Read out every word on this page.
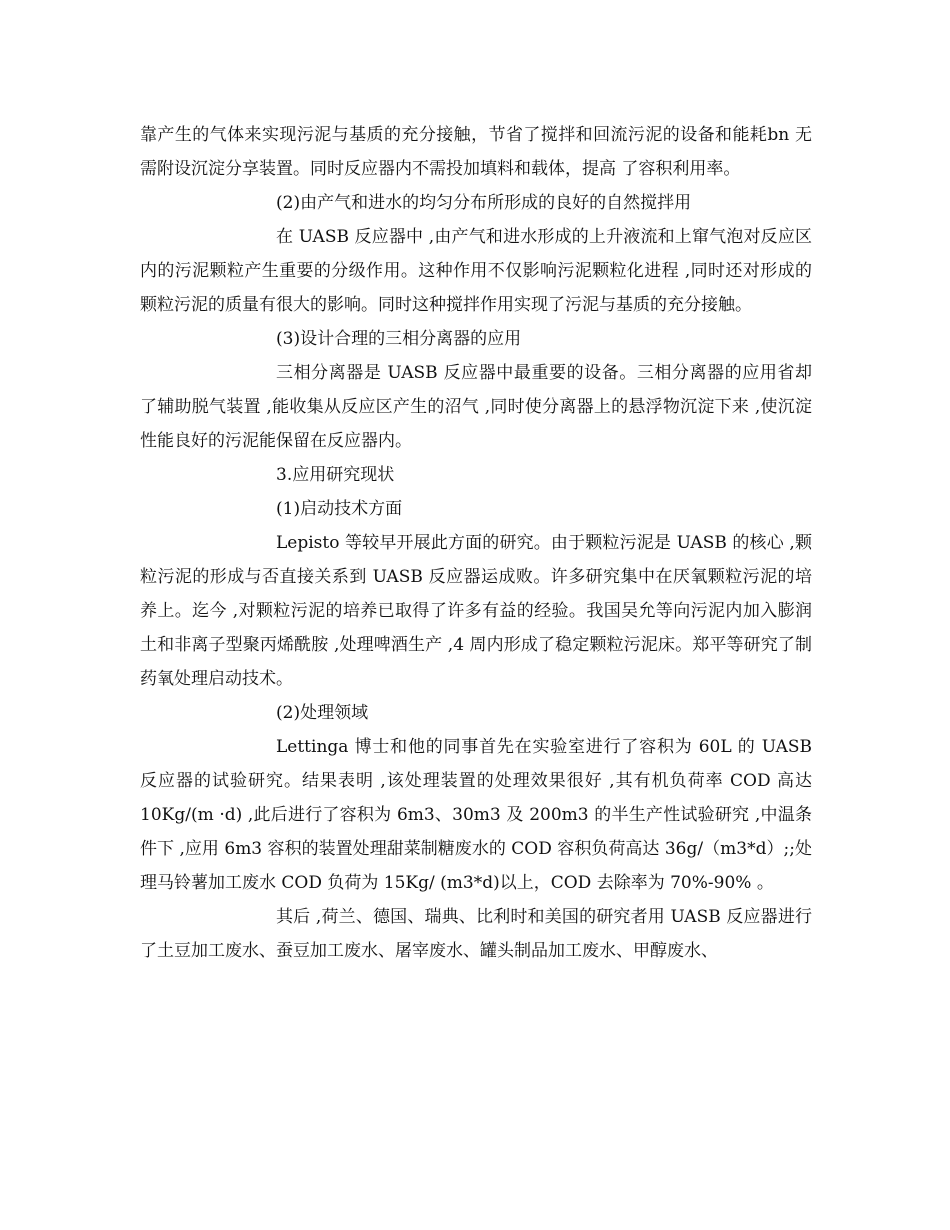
靠产生的气体来实现污泥与基质的充分接触，节省了搅拌和回流污泥的设备和能耗bn 无需附设沉淀分享装置。同时反应器内不需投加填料和载体，提高 了容积利用率。

(2)由产气和进水的均匀分布所形成的良好的自然搅拌用

在 UASB 反应器中 ,由产气和进水形成的上升液流和上窜气泡对反应区内的污泥颗粒产生重要的分级作用。这种作用不仅影响污泥颗粒化进程 ,同时还对形成的颗粒污泥的质量有很大的影响。同时这种搅拌作用实现了污泥与基质的充分接触。

(3)设计合理的三相分离器的应用

三相分离器是 UASB 反应器中最重要的设备。三相分离器的应用省却了辅助脱气装置 ,能收集从反应区产生的沼气 ,同时使分离器上的悬浮物沉淀下来 ,使沉淀性能良好的污泥能保留在反应器内。

3.应用研究现状

(1)启动技术方面

Lepisto 等较早开展此方面的研究。由于颗粒污泥是 UASB 的核心 ,颗粒污泥的形成与否直接关系到 UASB 反应器运成败。许多研究集中在厌氧颗粒污泥的培养上。迄今 ,对颗粒污泥的培养已取得了许多有益的经验。我国吴允等向污泥内加入膨润土和非离子型聚丙烯酰胺 ,处理啤酒生产 ,4 周内形成了稳定颗粒污泥床。郑平等研究了制药氧处理启动技术。

(2)处理领域

Lettinga 博士和他的同事首先在实验室进行了容积为 60L 的 UASB 反应器的试验研究。结果表明 ,该处理装置的处理效果很好 ,其有机负荷率 COD 高达 10Kg/(m ·d) ,此后进行了容积为 6m3、30m3 及 200m3 的半生产性试验研究 ,中温条件下 ,应用 6m3 容积的装置处理甜菜制糖废水的 COD 容积负荷高达 36g/（m3*d）;;处理马铃薯加工废水 COD 负荷为 15Kg/ (m3*d)以上，COD 去除率为 70%-90% 。

其后 ,荷兰、德国、瑞典、比利时和美国的研究者用 UASB 反应器进行了土豆加工废水、蚕豆加工废水、屠宰废水、罐头制品加工废水、甲醇废水、
